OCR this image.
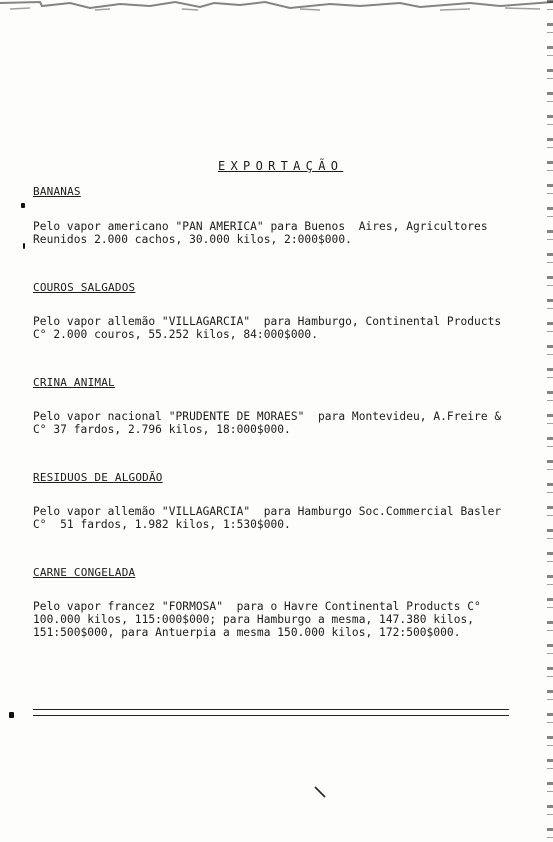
EXPORTAÇÃO
BANANAS
Pelo vapor americano "PAN AMERICA" para Buenos  Aires, Agricultores
Reunidos 2.000 cachos, 30.000 kilos, 2:000$000.
COUROS SALGADOS
Pelo vapor allemão "VILLAGARCIA"  para Hamburgo, Continental Products
C° 2.000 couros, 55.252 kilos, 84:000$000.
CRINA ANIMAL
Pelo vapor nacional "PRUDENTE DE MORAES"  para Montevideu, A.Freire &
C° 37 fardos, 2.796 kilos, 18:000$000.
RESIDUOS DE ALGODÃO
Pelo vapor allemão "VILLAGARCIA"  para Hamburgo Soc.Commercial Basler
C°  51 fardos, 1.982 kilos, 1:530$000.
CARNE CONGELADA
Pelo vapor francez "FORMOSA"  para o Havre Continental Products C°
100.000 kilos, 115:000$000; para Hamburgo a mesma, 147.380 kilos,
151:500$000, para Antuerpia a mesma 150.000 kilos, 172:500$000.
